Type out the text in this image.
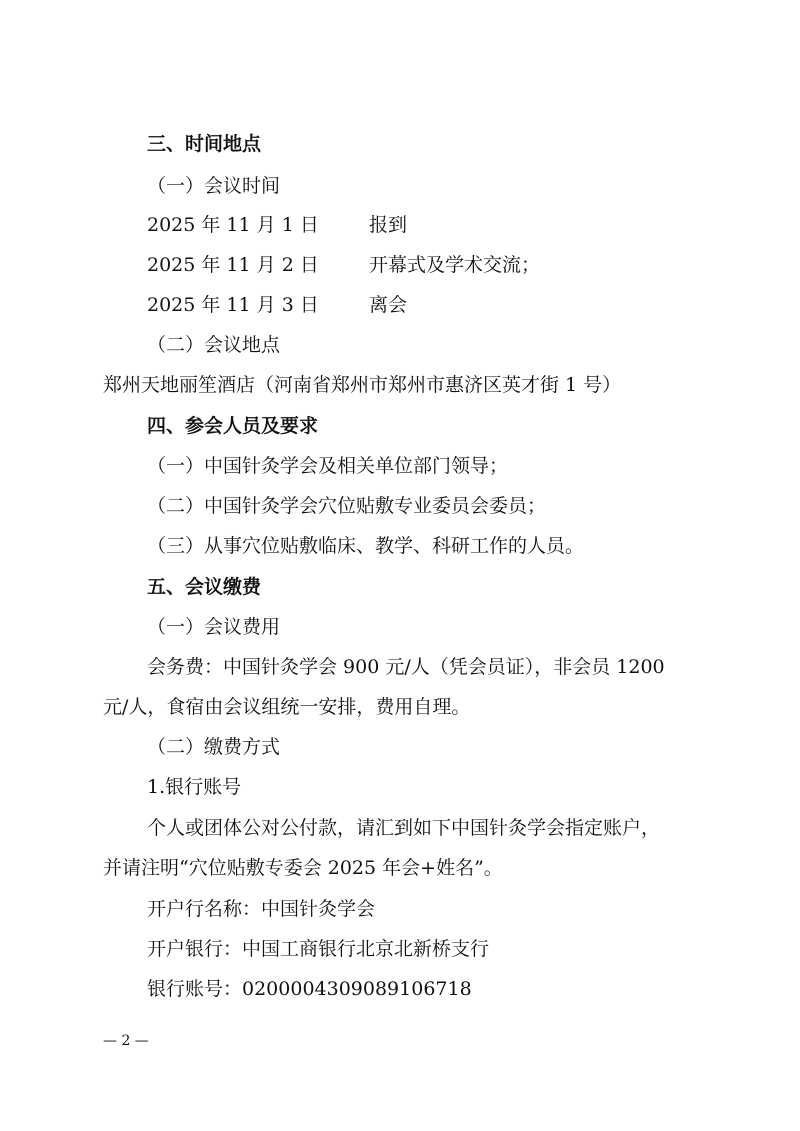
三、时间地点

（一）会议时间

2025 年 11 月 1 日	报到

2025 年 11 月 2 日	开幕式及学术交流；

2025 年 11 月 3 日	离会

（二）会议地点

郑州天地丽笙酒店（河南省郑州市郑州市惠济区英才街 1 号）

四、参会人员及要求

（一）中国针灸学会及相关单位部门领导；

（二）中国针灸学会穴位贴敷专业委员会委员；

（三）从事穴位贴敷临床、教学、科研工作的人员。

五、会议缴费

（一）会议费用

会务费：中国针灸学会 900 元/人（凭会员证），非会员 1200

元/人，食宿由会议组统一安排，费用自理。

（二）缴费方式

1.银行账号

个人或团体公对公付款，请汇到如下中国针灸学会指定账户，

并请注明“穴位贴敷专委会 2025 年会+姓名”。

开户行名称：中国针灸学会

开户银行：中国工商银行北京北新桥支行

银行账号：0200004309089106718

— 2 —
